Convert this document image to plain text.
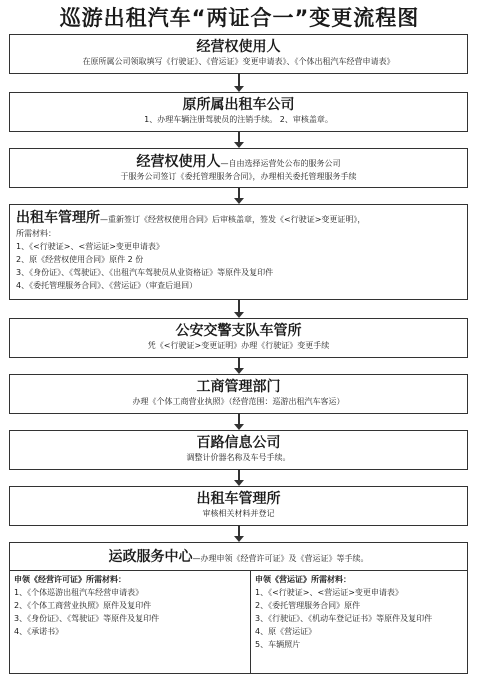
巡游出租汽车“两证合一”变更流程图
经营权使用人
在原所属公司领取填写《行驶证》、《营运证》变更申请表》、《个体出租汽车经营申请表》
原所属出租车公司
1、办理车辆注册驾驶员的注销手续。 2、审核盖章。
经营权使用人—自由选择运营处公布的服务公司
于服务公司签订《委托管理服务合同》，办理相关委托管理服务手续
出租车管理所—重新签订《经营权使用合同》后审核盖章，签发《<行驶证>变更证明》，
所需材料：
1、《<行驶证>、<营运证>变更申请表》
2、原《经营权使用合同》原件 2 份
3、《身份证》、《驾驶证》、《出租汽车驾驶员从业资格证》等原件及复印件
4、《委托管理服务合同》、《营运证》（审查后退回）
公安交警支队车管所
凭《<行驶证>变更证明》办理《行驶证》变更手续
工商管理部门
办理《个体工商营业执照》（经营范围：巡游出租汽车客运）
百路信息公司
调整计价器名称及车号手续。
出租车管理所
审核相关材料并登记
运政服务中心—办理申领《经营许可证》及《营运证》等手续。

申领《经营许可证》所需材料：

1、《个体巡游出租汽车经营申请表》

2、《个体工商营业执照》原件及复印件

3、《身份证》、《驾驶证》等原件及复印件

4、《承诺书》

申领《营运证》所需材料：

1、《<行驶证>、<营运证>变更申请表》

2、《委托管理服务合同》原件

3、《行驶证》、《机动车登记证书》等原件及复印件

4、原《营运证》

5、车辆照片
